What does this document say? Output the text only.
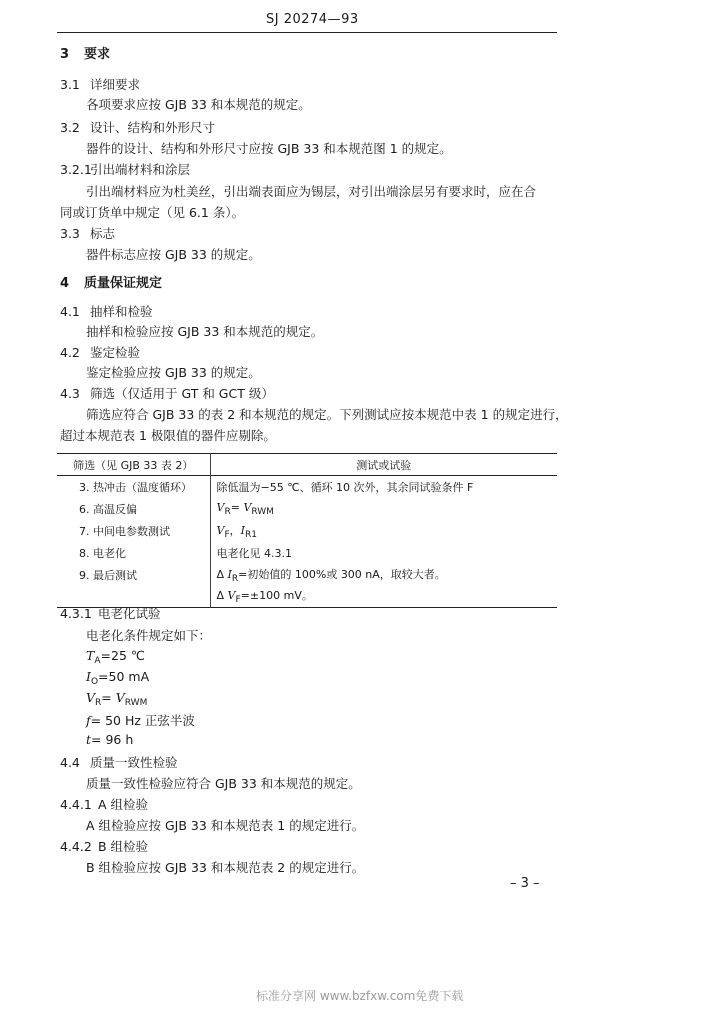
SJ 20274—93
3 要求
3.1 详细要求
各项要求应按 GJB 33 和本规范的规定。
3.2 设计、结构和外形尺寸
器件的设计、结构和外形尺寸应按 GJB 33 和本规范图 1 的规定。
3.2.1引出端材料和涂层
引出端材料应为杜美丝，引出端表面应为锡层，对引出端涂层另有要求时，应在合
同或订货单中规定（见 6.1 条）。
3.3 标志
器件标志应按 GJB 33 的规定。
4 质量保证规定
4.1 抽样和检验
抽样和检验应按 GJB 33 和本规范的规定。
4.2 鉴定检验
鉴定检验应按 GJB 33 的规定。
4.3 筛选（仅适用于 GT 和 GCT 级）
筛选应符合 GJB 33 的表 2 和本规范的规定。下列测试应按本规范中表 1 的规定进行，
超过本规范表 1 极限值的器件应剔除。
筛选（见 GJB 33 表 2）	测试或试验
3. 热冲击（温度循环）	除低温为−55 ℃、循环 10 次外，其余同试验条件 F
6. 高温反偏	$V_R= V_{RWM}$
7. 中间电参数测试	$V_F$，$I_{R1}$
8. 电老化	电老化见 4.3.1
9. 最后测试	Δ $I_R=$初始值的 100%或 300 nA，取较大者。
	Δ $V_F=\pm 100$ mV。
4.3.1 电老化试验
电老化条件规定如下：
$T_A=25$ ℃
$I_O=50$ mA
$V_R= V_{RWM}$
f= 50 Hz 正弦半波
t= 96 h
4.4 质量一致性检验
质量一致性检验应符合 GJB 33 和本规范的规定。
4.4.1 A 组检验
A 组检验应按 GJB 33 和本规范表 1 的规定进行。
4.4.2 B 组检验
B 组检验应按 GJB 33 和本规范表 2 的规定进行。
– 3 –
标准分享网 www.bzfxw.com免费下载
